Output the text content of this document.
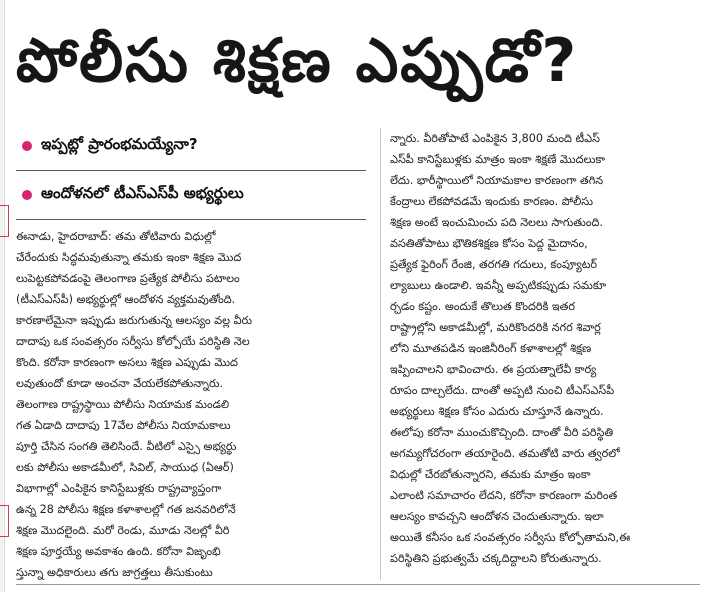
పోలీసు శిక్షణ ఎప్పుడో?
ఇప్పట్లో ప్రారంభమయ్యేనా?
ఆందోళనలో టీఎస్‌ఎస్‌పీ అభ్యర్థులు
ఈనాడు, హైదరాబాద్‌: తమ తోటివారు విధుల్లో
చేరేందుకు సిద్ధమవుతున్నా తమకు ఇంకా శిక్షణ మొద
లుపెట్టకపోవడంపై తెలంగాణ ప్రత్యేక పోలీసు పటాలం
(టీఎస్‌ఎస్‌పీ) అభ్యర్థుల్లో ఆందోళన వ్యక్తమవుతోంది.
కారణాలేమైనా ఇప్పుడు జరుగుతున్న ఆలస్యం వల్ల వీరు
దాదాపు ఒక సంవత్సరం సర్వీసు కోల్పోయే పరిస్థితి నెల
కొంది. కరోనా కారణంగా అసలు శిక్షణ ఎప్పుడు మొద
లవుతుందో కూడా అంచనా వేయలేకపోతున్నారు.
తెలంగాణ రాష్ట్రస్థాయి పోలీసు నియామక మండలి
గత ఏడాది దాదాపు 17వేల పోలీసు నియామకాలు
పూర్తి చేసిన సంగతి తెలిసిందే. వీటిలో ఎస్సై అభ్యర్థు
లకు పోలీసు అకాడమీలో, సివిల్‌, సాయుధ (ఏఆర్‌)
విభాగాల్లో ఎంపికైన కానిస్టేబుళ్లకు రాష్ట్రవ్యాప్తంగా
ఉన్న 28 పోలీసు శిక్షణ కళాశాలల్లో గత జనవరిలోనే
శిక్షణ మొదలైంది. మరో రెండు, మూడు నెలల్లో వీరి
శిక్షణ పూర్తయ్యే అవకాశం ఉంది. కరోనా విజృంభి
స్తున్నా అధికారులు తగు జాగ్రత్తలు తీసుకుంటు
న్నారు. వీరితోపాటే ఎంపికైన 3,800 మంది టీఎస్‌
ఎస్‌పీ కానిస్టేబుళ్లకు మాత్రం ఇంకా శిక్షణే మొదలుకా
లేదు. భారీస్థాయిలో నియామకాల కారణంగా తగిన
కేంద్రాలు లేకపోవడమే ఇందుకు కారణం. పోలీసు
శిక్షణ అంటే ఇంచుమించు పది నెలలు సాగుతుంది.
వసతితోపాటు భౌతికశిక్షణ కోసం పెద్ద మైదానం,
ప్రత్యేక ఫైరింగ్‌ రేంజి, తరగతి గదులు, కంప్యూటర్‌
ల్యాబులు ఉండాలి. ఇవన్నీ అప్పటికప్పుడు సమకూ
ర్చడం కష్టం. అందుకే తొలుత కొందరికి ఇతర
రాష్ట్రాల్లోని అకాడమీల్లో, మరికొందరికి నగర శివార్ల
లోని మూతపడిన ఇంజినీరింగ్‌ కళాశాలల్లో శిక్షణ
ఇప్పించాలని భావించారు. ఈ ప్రయత్నాలేవీ కార్య
రూపం దాల్చలేదు. దాంతో అప్పటి నుంచి టీఎస్‌ఎస్‌పీ
అభ్యర్థులు శిక్షణ కోసం ఎదురు చూస్తూనే ఉన్నారు.
ఈలోపు కరోనా ముంచుకొచ్చింది. దాంతో వీరి పరిస్థితి
అగమ్యగోచరంగా తయారైంది. తమతోటి వారు త్వరలో
విధుల్లో చేరబోతున్నారని, తమకు మాత్రం ఇంకా
ఎలాంటి సమాచారం లేదని, కరోనా కారణంగా మరింత
ఆలస్యం కావచ్చని ఆందోళన చెందుతున్నారు. ఇలా
అయితే కనీసం ఒక సంవత్సరం సర్వీసు కోల్పోతామని,ఈ
పరిస్థితిని ప్రభుత్వమే చక్కదిద్దాలని కోరుతున్నారు.
